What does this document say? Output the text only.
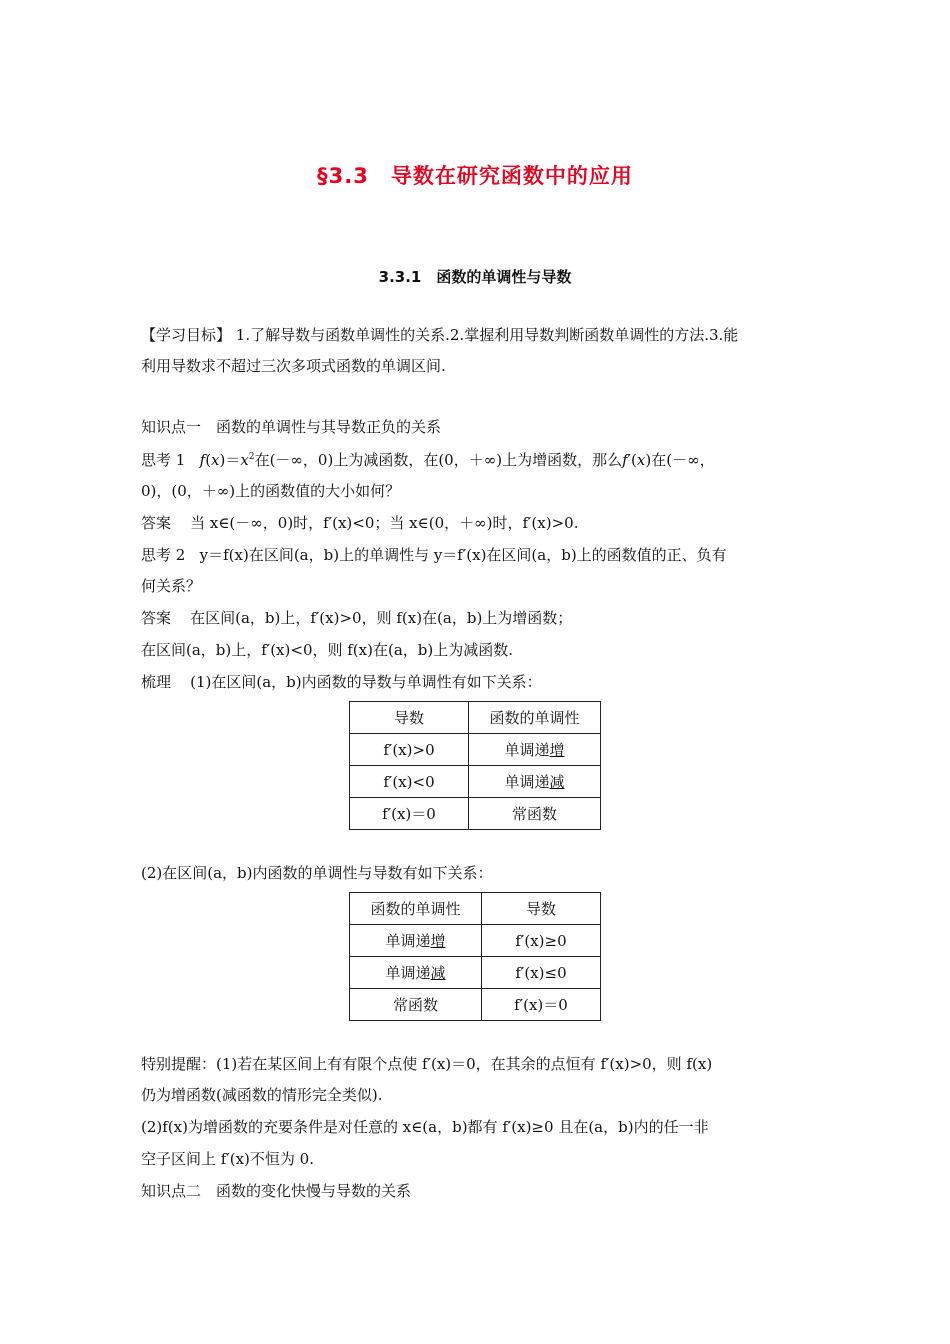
§3.3　导数在研究函数中的应用
3.3.1　函数的单调性与导数
【学习目标】 1.了解导数与函数单调性的关系.2.掌握利用导数判断函数单调性的方法.3.能
利用导数求不超过三次多项式函数的单调区间.
知识点一　函数的单调性与其导数正负的关系
思考 1 $f(x)=x^2$在(－∞，0)上为减函数，在(0，＋∞)上为增函数，那么f′(x)在(－∞，
0)，(0，＋∞)上的函数值的大小如何？
答案 当 x∈(－∞，0)时，f′(x)<0；当 x∈(0，＋∞)时，f′(x)>0.
思考 2 y＝f(x)在区间(a，b)上的单调性与 y＝f′(x)在区间(a，b)上的函数值的正、负有
何关系？
答案 在区间(a，b)上，f′(x)>0，则 f(x)在(a，b)上为增函数；
在区间(a，b)上，f′(x)<0，则 f(x)在(a，b)上为减函数.
梳理 (1)在区间(a，b)内函数的导数与单调性有如下关系：
导数	函数的单调性
f′(x)>0	单调递增
f′(x)<0	单调递减
f′(x)＝0	常函数
(2)在区间(a，b)内函数的单调性与导数有如下关系：
函数的单调性	导数
单调递增	f′(x)≥0
单调递减	f′(x)≤0
常函数	f′(x)＝0
特别提醒：(1)若在某区间上有有限个点使 f′(x)＝0，在其余的点恒有 f′(x)>0，则 f(x)
仍为增函数(减函数的情形完全类似).
(2)f(x)为增函数的充要条件是对任意的 x∈(a，b)都有 f′(x)≥0 且在(a，b)内的任一非
空子区间上 f′(x)不恒为 0.
知识点二　函数的变化快慢与导数的关系
